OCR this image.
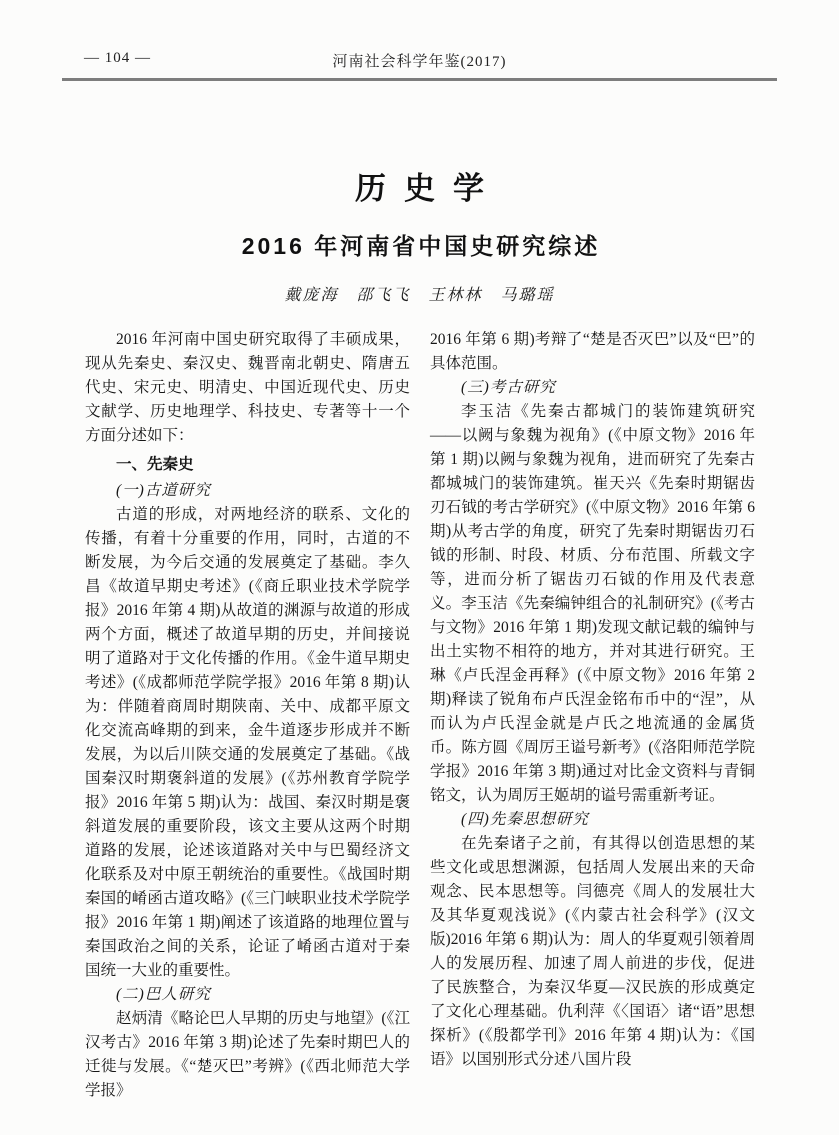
— 104 —	河南社会科学年鉴(2017)
历史学
2016 年河南省中国史研究综述
戴庞海　邵飞飞　王林林　马璐瑶

2016 年河南中国史研究取得了丰硕成果，现从先秦史、秦汉史、魏晋南北朝史、隋唐五代史、宋元史、明清史、中国近现代史、历史文献学、历史地理学、科技史、专著等十一个方面分述如下：

一、先秦史

(一)古道研究

古道的形成，对两地经济的联系、文化的传播，有着十分重要的作用，同时，古道的不断发展，为今后交通的发展奠定了基础。李久昌《故道早期史考述》(《商丘职业技术学院学报》2016 年第 4 期)从故道的渊源与故道的形成两个方面，概述了故道早期的历史，并间接说明了道路对于文化传播的作用。《金牛道早期史考述》(《成都师范学院学报》2016 年第 8 期)认为：伴随着商周时期陕南、关中、成都平原文化交流高峰期的到来，金牛道逐步形成并不断发展，为以后川陕交通的发展奠定了基础。《战国秦汉时期褒斜道的发展》(《苏州教育学院学报》2016 年第 5 期)认为：战国、秦汉时期是褒斜道发展的重要阶段，该文主要从这两个时期道路的发展，论述该道路对关中与巴蜀经济文化联系及对中原王朝统治的重要性。《战国时期秦国的崤函古道攻略》(《三门峡职业技术学院学报》2016 年第 1 期)阐述了该道路的地理位置与秦国政治之间的关系，论证了崤函古道对于秦国统一大业的重要性。

(二)巴人研究

赵炳清《略论巴人早期的历史与地望》(《江汉考古》2016 年第 3 期)论述了先秦时期巴人的迁徙与发展。《“楚灭巴”考辨》(《西北师范大学学报》

2016 年第 6 期)考辩了“楚是否灭巴”以及“巴”的具体范围。

(三)考古研究

李玉洁《先秦古都城门的装饰建筑研究——以阙与象魏为视角》(《中原文物》2016 年第 1 期)以阙与象魏为视角，进而研究了先秦古都城城门的装饰建筑。崔天兴《先秦时期锯齿刃石钺的考古学研究》(《中原文物》2016 年第 6 期)从考古学的角度，研究了先秦时期锯齿刃石钺的形制、时段、材质、分布范围、所载文字等，进而分析了锯齿刃石钺的作用及代表意义。李玉洁《先秦编钟组合的礼制研究》(《考古与文物》2016 年第 1 期)发现文献记载的编钟与出土实物不相符的地方，并对其进行研究。王琳《卢氏涅金再释》(《中原文物》2016 年第 2 期)释读了锐角布卢氏涅金铭布币中的“涅”，从而认为卢氏涅金就是卢氏之地流通的金属货币。陈方圆《周厉王谥号新考》(《洛阳师范学院学报》2016 年第 3 期)通过对比金文资料与青铜铭文，认为周厉王姬胡的谥号需重新考证。

(四)先秦思想研究

在先秦诸子之前，有其得以创造思想的某些文化或思想渊源，包括周人发展出来的天命观念、民本思想等。闫德亮《周人的发展壮大及其华夏观浅说》(《内蒙古社会科学》(汉文版)2016 年第 6 期)认为：周人的华夏观引领着周人的发展历程、加速了周人前进的步伐，促进了民族整合，为秦汉华夏—汉民族的形成奠定了文化心理基础。仇利萍《〈国语〉诸“语”思想探析》(《殷都学刊》2016 年第 4 期)认为：《国语》以国别形式分述八国片段
